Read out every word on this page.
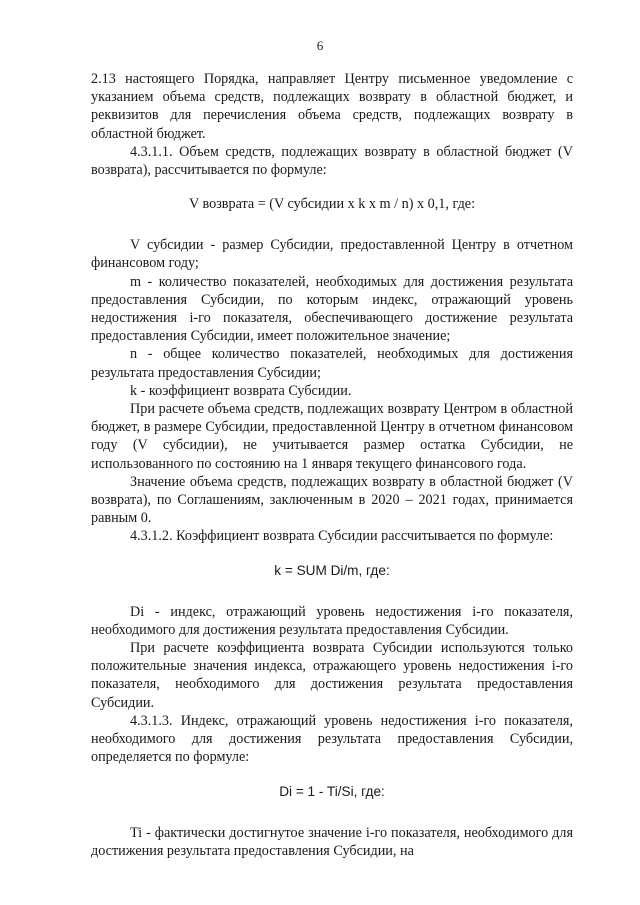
6

2.13 настоящего Порядка, направляет Центру письменное уведомление с указанием объема средств, подлежащих возврату в областной бюджет, и реквизитов для перечисления объема средств, подлежащих возврату в областной бюджет.

4.3.1.1. Объем средств, подлежащих возврату в областной бюджет (V возврата), рассчитывается по формуле:

V возврата = (V субсидии x k x m / n) x 0,1, где:

V субсидии - размер Субсидии, предоставленной Центру в отчетном финансовом году;

m - количество показателей, необходимых для достижения результата предоставления Субсидии, по которым индекс, отражающий уровень недостижения i-го показателя, обеспечивающего достижение результата предоставления Субсидии, имеет положительное значение;

n - общее количество показателей, необходимых для достижения результата предоставления Субсидии;

k - коэффициент возврата Субсидии.

При расчете объема средств, подлежащих возврату Центром в областной бюджет, в размере Субсидии, предоставленной Центру в отчетном финансовом году (V субсидии), не учитывается размер остатка Субсидии, не использованного по состоянию на 1 января текущего финансового года.

Значение объема средств, подлежащих возврату в областной бюджет (V возврата), по Соглашениям, заключенным в 2020 – 2021 годах, принимается равным 0.

4.3.1.2. Коэффициент возврата Субсидии рассчитывается по формуле:

k = SUM Di/m, где:

Di - индекс, отражающий уровень недостижения i-го показателя, необходимого для достижения результата предоставления Субсидии.

При расчете коэффициента возврата Субсидии используются только положительные значения индекса, отражающего уровень недостижения i-го показателя, необходимого для достижения результата предоставления Субсидии.

4.3.1.3. Индекс, отражающий уровень недостижения i-го показателя, необходимого для достижения результата предоставления Субсидии, определяется по формуле:

Di = 1 - Ti/Si, где:

Ti - фактически достигнутое значение i-го показателя, необходимого для достижения результата предоставления Субсидии, на
